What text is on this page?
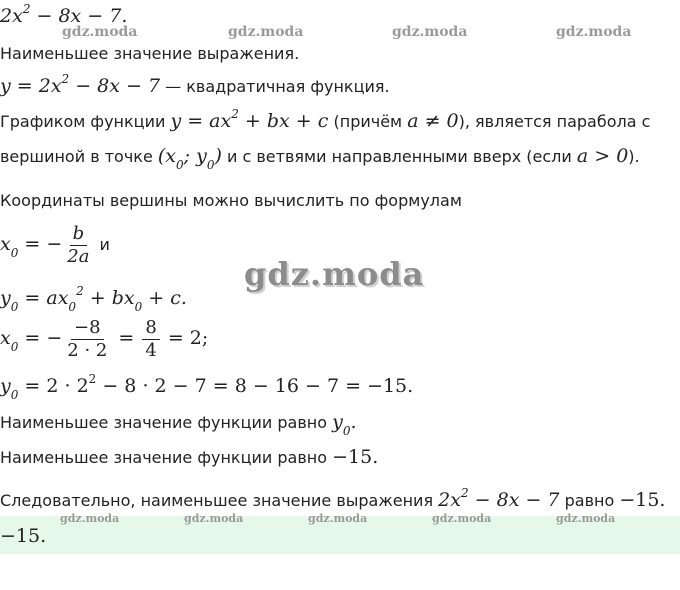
$2x^2 - 8x - 7$.
Наименьшее значение выражения.
$y = 2x^2 - 8x - 7$ — квадратичная функция.
Графиком функции $y = ax^2$ + bx + c (причём a ≠ 0), является парабола с
вершиной в точке ($x_0$; $y_0$) и с ветвями направленными вверх (если a > 0).
Координаты вершины можно вычислить по формулам
$x_0$ = − $\frac{b}{2a}$ и
$y_0 = ax_0^2 + bx_0 + c$.
$x_0$ = − $\frac{-8}{2 \cdot 2} = \frac{8}{4} = 2$;
$y_0 = 2 \cdot 2^2 - 8 \cdot 2 - 7 = 8 - 16 - 7 = -15$.
Наименьшее значение функции равно $y_0$.
Наименьшее значение функции равно −15.
Следовательно, наименьшее значение выражения $2x^2 - 8x - 7$ равно −15.
−15.
gdz.moda	gdz.moda	gdz.moda	gdz.moda
gdz.moda
gdz.moda	gdz.moda	gdz.moda	gdz.moda	gdz.moda
